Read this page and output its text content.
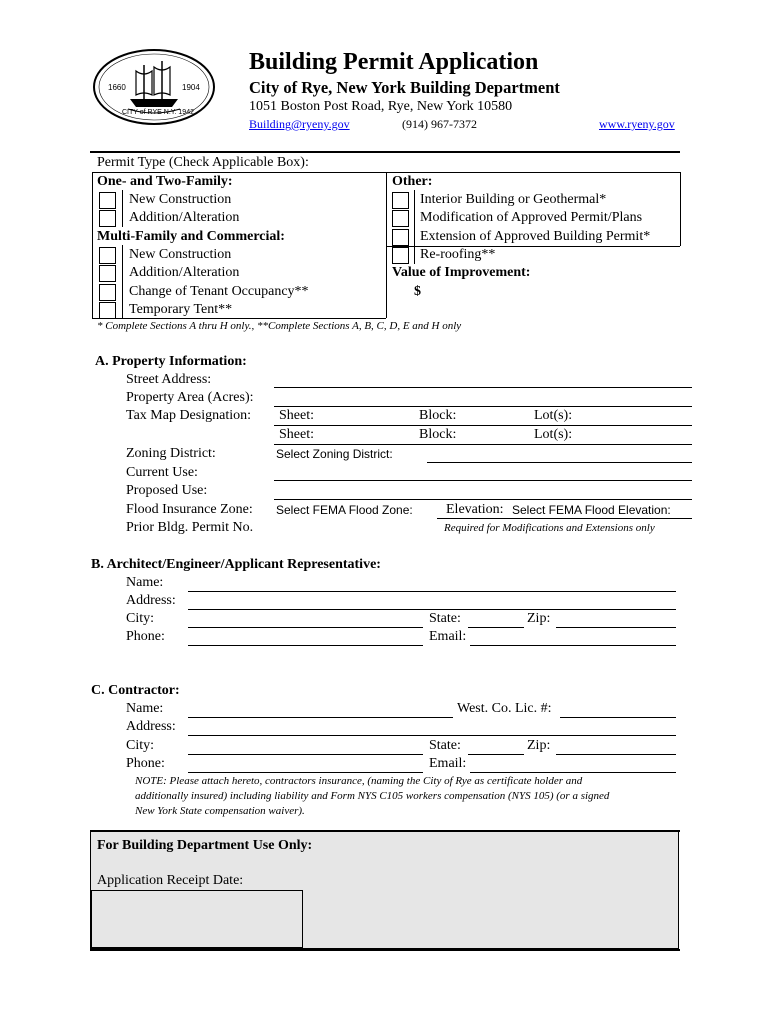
1660	1904
CITY of RYE N.Y. 1942
Building Permit Application
City of Rye, New York Building Department
1051 Boston Post Road, Rye, New York 10580
Building@ryeny.gov	(914) 967-7372	www.ryeny.gov
Permit Type (Check Applicable Box):
One- and Two-Family:
New Construction
Addition/Alteration
Multi-Family and Commercial:
New Construction
Addition/Alteration
Change of Tenant Occupancy**
Temporary Tent**
Other:
Interior Building or Geothermal*
Modification of Approved Permit/Plans
Extension of Approved Building Permit*
Re-roofing**
Value of Improvement:
$
* Complete Sections A thru H only., **Complete Sections A, B, C, D, E and H only
A. Property Information:
Street Address:
Property Area (Acres):
Tax Map Designation: Sheet:	Block:	Lot(s):
Sheet:	Block:	Lot(s):
Zoning District:	Select Zoning District:
Current Use:
Proposed Use:
Flood Insurance Zone: Select FEMA Flood Zone: Elevation: Select FEMA Flood Elevation:
Prior Bldg. Permit No.	Required for Modifications and Extensions only
B. Architect/Engineer/Applicant Representative:
Name:
Address:
City:	State:	Zip:
Phone:	Email:
C. Contractor:
Name:	West. Co. Lic. #:
Address:
City:	State:	Zip:
Phone:	Email:
NOTE: Please attach hereto, contractors insurance, (naming the City of Rye as certificate holder and
additionally insured) including liability and Form NYS C105 workers compensation (NYS 105) (or a signed
New York State compensation waiver).
For Building Department Use Only:
Application Receipt Date:
